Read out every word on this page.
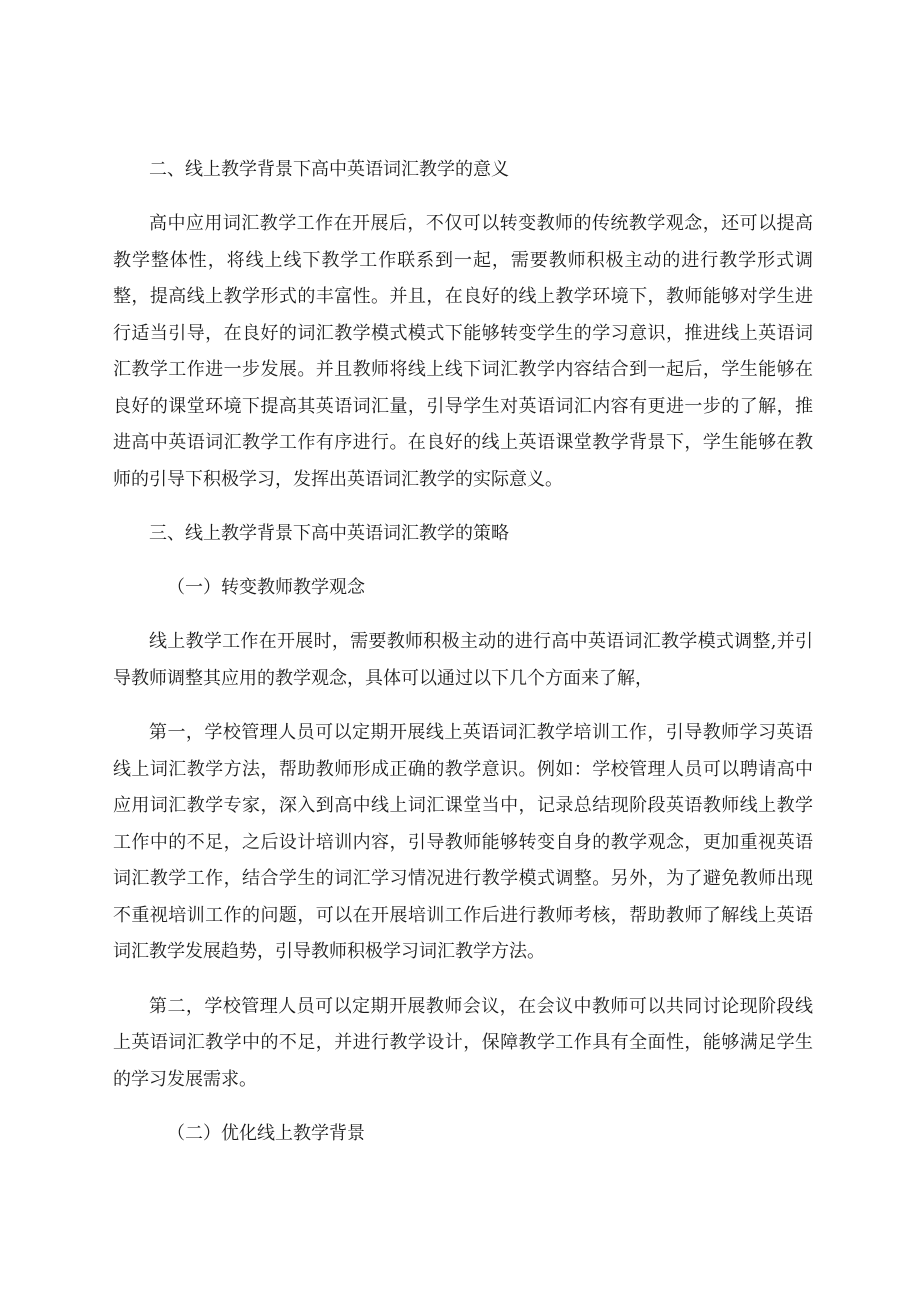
二、线上教学背景下高中英语词汇教学的意义

高中应用词汇教学工作在开展后，不仅可以转变教师的传统教学观念，还可以提高教学整体性，将线上线下教学工作联系到一起，需要教师积极主动的进行教学形式调整，提高线上教学形式的丰富性。并且，在良好的线上教学环境下，教师能够对学生进行适当引导，在良好的词汇教学模式模式下能够转变学生的学习意识，推进线上英语词汇教学工作进一步发展。并且教师将线上线下词汇教学内容结合到一起后，学生能够在良好的课堂环境下提高其英语词汇量，引导学生对英语词汇内容有更进一步的了解，推进高中英语词汇教学工作有序进行。在良好的线上英语课堂教学背景下，学生能够在教师的引导下积极学习，发挥出英语词汇教学的实际意义。

三、线上教学背景下高中英语词汇教学的策略

（一）转变教师教学观念

线上教学工作在开展时，需要教师积极主动的进行高中英语词汇教学模式调整,并引导教师调整其应用的教学观念，具体可以通过以下几个方面来了解，

第一，学校管理人员可以定期开展线上英语词汇教学培训工作，引导教师学习英语线上词汇教学方法，帮助教师形成正确的教学意识。例如：学校管理人员可以聘请高中应用词汇教学专家，深入到高中线上词汇课堂当中，记录总结现阶段英语教师线上教学工作中的不足，之后设计培训内容，引导教师能够转变自身的教学观念，更加重视英语词汇教学工作，结合学生的词汇学习情况进行教学模式调整。另外，为了避免教师出现不重视培训工作的问题，可以在开展培训工作后进行教师考核，帮助教师了解线上英语词汇教学发展趋势，引导教师积极学习词汇教学方法。

第二，学校管理人员可以定期开展教师会议，在会议中教师可以共同讨论现阶段线上英语词汇教学中的不足，并进行教学设计，保障教学工作具有全面性，能够满足学生的学习发展需求。

（二）优化线上教学背景
